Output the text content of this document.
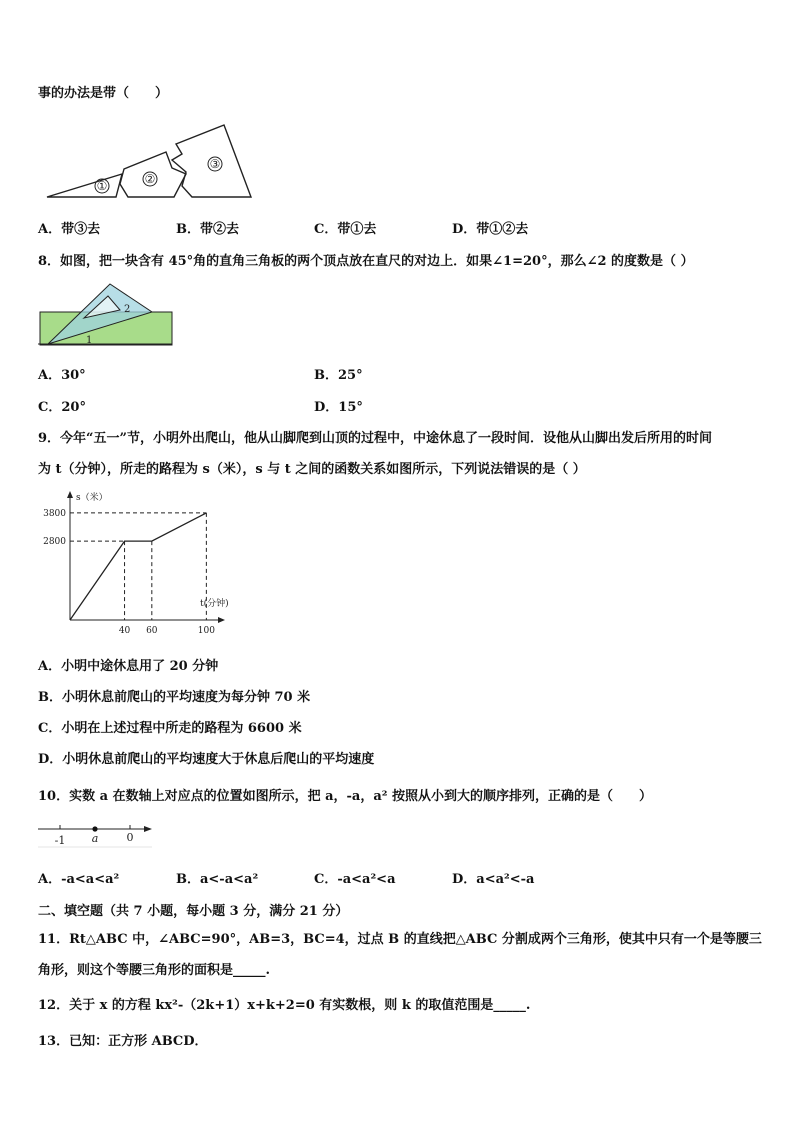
事的办法是带（　　）
①	②
③
A．带③去	B．带②去	C．带①去	D．带①②去
8．如图，把一块含有 45°角的直角三角板的两个顶点放在直尺的对边上．如果∠1=20°，那么∠2 的度数是（ ）
2
1
A．30°	B．25°
C．20°	D．15°
9．今年“五一”节，小明外出爬山，他从山脚爬到山顶的过程中，中途休息了一段时间．设他从山脚出发后所用的时间
为 t（分钟），所走的路程为 s（米），s 与 t 之间的函数关系如图所示，下列说法错误的是（ ）
40 60	100
2800
3800
s（米）
t(分钟)
A．小明中途休息用了 20 分钟
B．小明休息前爬山的平均速度为每分钟 70 米
C．小明在上述过程中所走的路程为 6600 米
D．小明休息前爬山的平均速度大于休息后爬山的平均速度
10．实数 a 在数轴上对应点的位置如图所示，把 a，-a，a² 按照从小到大的顺序排列，正确的是（　　）
-1 a	0
A．-a<a<a²	B．a<-a<a²	C．-a<a²<a	D．a<a²<-a
二、填空题（共 7 小题，每小题 3 分，满分 21 分）
11．Rt△ABC 中，∠ABC=90°，AB=3，BC=4，过点 B 的直线把△ABC 分割成两个三角形，使其中只有一个是等腰三
角形，则这个等腰三角形的面积是_____.
12．关于 x 的方程 kx²-（2k+1）x+k+2=0 有实数根，则 k 的取值范围是_____.
13．已知：正方形 ABCD．
